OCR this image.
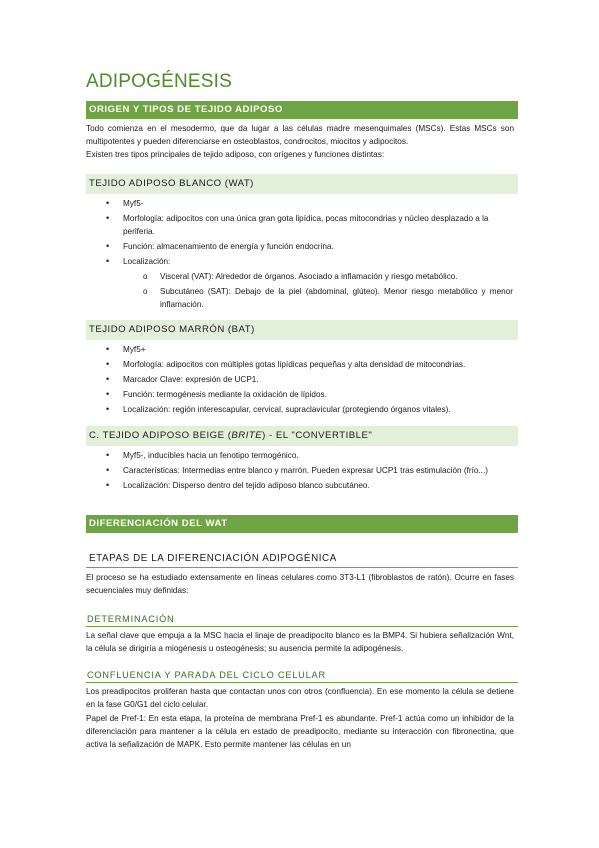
ADIPOGÉNESIS
ORIGEN Y TIPOS DE TEJIDO ADIPOSO

Todo comienza en el mesodermo, que da lugar a las células madre mesenquimales (MSCs). Estas MSCs son multipotentes y pueden diferenciarse en osteoblastos, condrocitos, miocitos y adipocitos.

Existen tres tipos principales de tejido adiposo, con orígenes y funciones distintas:

TEJIDO ADIPOSO BLANCO (WAT)
• Myf5-
• Morfología: adipocitos con una única gran gota lipídica, pocas mitocondrias y núcleo desplazado a la periferia.
• Función: almacenamiento de energía y función endocrina.
• Localización:
o Visceral (VAT): Alrededor de órganos. Asociado a inflamación y riesgo metabólico.
o Subcutáneo (SAT): Debajo de la piel (abdominal, glúteo). Menor riesgo metabólico y menor inflamación.
TEJIDO ADIPOSO MARRÓN (BAT)
• Myf5+
• Morfología: adipocitos con múltiples gotas lipídicas pequeñas y alta densidad de mitocondrias.
• Marcador Clave: expresión de UCP1.
• Función: termogénesis mediante la oxidación de lípidos.
• Localización: región interescapular, cervical, supraclavicular (protegiendo órganos vitales).
C. TEJIDO ADIPOSO BEIGE (BRITE) - EL "CONVERTIBLE"
• Myf5-, inducibles hacia un fenotipo termogénico.
• Características: Intermedias entre blanco y marrón. Pueden expresar UCP1 tras estimulación (frío...)
• Localización: Disperso dentro del tejido adiposo blanco subcutáneo.
DIFERENCIACIÓN DEL WAT
ETAPAS DE LA DIFERENCIACIÓN ADIPOGÉNICA

El proceso se ha estudiado extensamente en líneas celulares como 3T3-L1 (fibroblastos de ratón). Ocurre en fases secuenciales muy definidas:

DETERMINACIÓN

La señal clave que empuja a la MSC hacia el linaje de preadipocito blanco es la BMP4. Si hubiera señalización Wnt, la célula se dirigiría a miogénesis u osteogénesis; su ausencia permite la adipogénesis.

CONFLUENCIA Y PARADA DEL CICLO CELULAR

Los preadipocitos proliferan hasta que contactan unos con otros (confluencia). En ese momento la célula se detiene en la fase G0/G1 del ciclo celular.

Papel de Pref-1: En esta etapa, la proteína de membrana Pref-1 es abundante. Pref-1 actúa como un inhibidor de la diferenciación para mantener a la célula en estado de preadipocito, mediante su interacción con fibronectina, que activa la señalización de MAPK. Esto permite mantener las células en un
